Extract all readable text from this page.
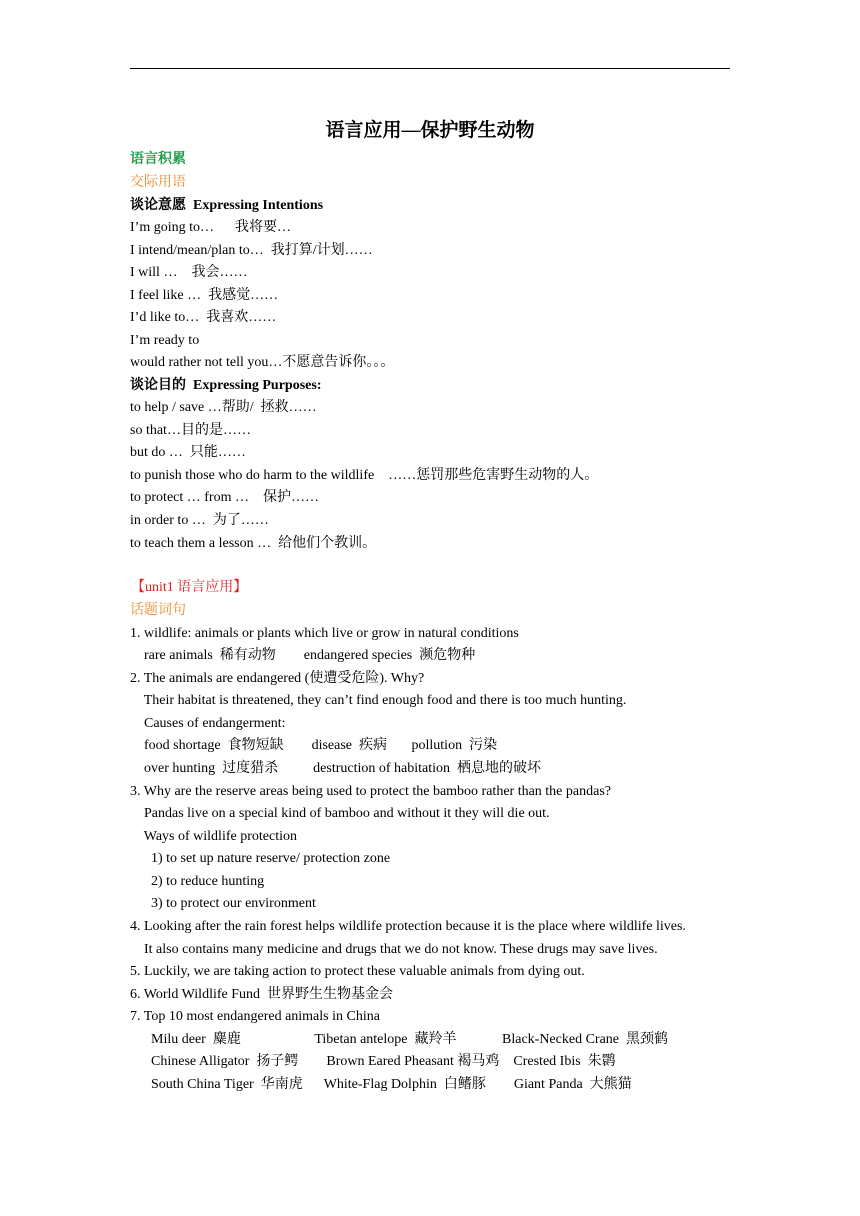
语言应用—保护野生动物
语言积累
交际用语
谈论意愿  Expressing Intentions
I’m going to…      我将要…
I intend/mean/plan to…  我打算/计划……
I will …    我会……
I feel like …  我感觉……
I’d like to…  我喜欢……
I’m ready to
would rather not tell you…不愿意告诉你。。。
谈论目的  Expressing Purposes:
to help / save …帮助/  拯救……
so that…目的是……
but do …  只能……
to punish those who do harm to the wildlife    ……惩罚那些危害野生动物的人。
to protect … from …    保护……
in order to …  为了……
to teach them a lesson …  给他们个教训。
【unit1 语言应用】
话题词句
1. wildlife: animals or plants which live or grow in natural conditions
rare animals  稀有动物        endangered species  濒危物种
2. The animals are endangered (使遭受危险). Why?
Their habitat is threatened, they can’t find enough food and there is too much hunting.
Causes of endangerment:
food shortage  食物短缺        disease  疾病       pollution  污染
over hunting  过度猎杀          destruction of habitation  栖息地的破坏
3. Why are the reserve areas being used to protect the bamboo rather than the pandas?
Pandas live on a special kind of bamboo and without it they will die out.
Ways of wildlife protection
1) to set up nature reserve/ protection zone
2) to reduce hunting
3) to protect our environment
4. Looking after the rain forest helps wildlife protection because it is the place where wildlife lives.
It also contains many medicine and drugs that we do not know. These drugs may save lives.
5. Luckily, we are taking action to protect these valuable animals from dying out.
6. World Wildlife Fund  世界野生生物基金会
7. Top 10 most endangered animals in China
Milu deer  麋鹿                     Tibetan antelope  藏羚羊             Black-Necked Crane  黑颈鹤
Chinese Alligator  扬子鳄        Brown Eared Pheasant 褐马鸡    Crested Ibis  朱鹮
South China Tiger  华南虎      White-Flag Dolphin  白鳍豚        Giant Panda  大熊猫
